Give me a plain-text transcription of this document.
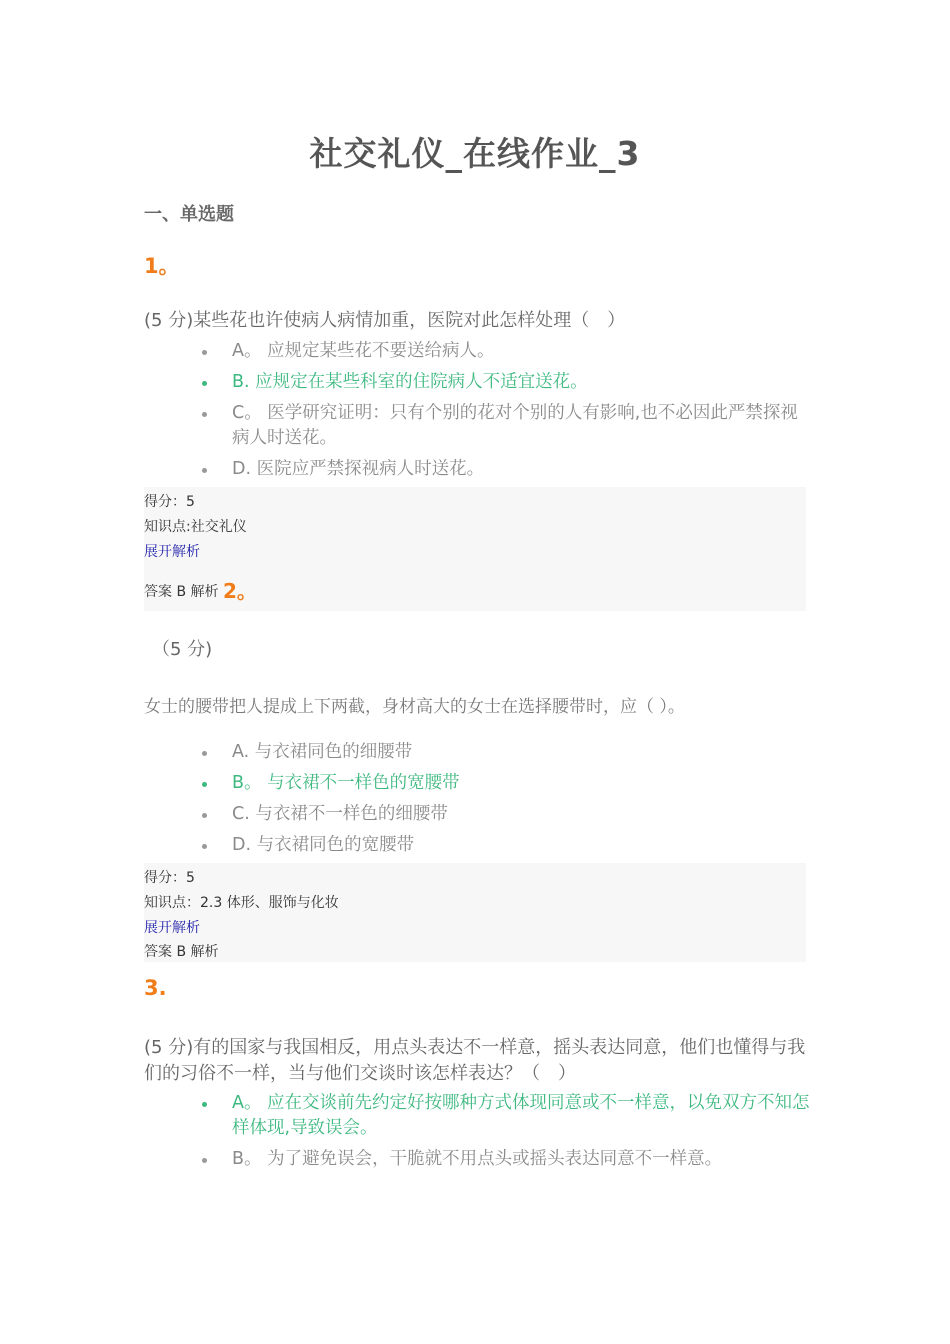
社交礼仪_在线作业_3
一、单选题
1。
(5 分)某些花也许使病人病情加重，医院对此怎样处理（　）
A。 应规定某些花不要送给病人。
B. 应规定在某些科室的住院病人不适宜送花。
C。 医学研究证明：只有个别的花对个别的人有影响,也不必因此严禁探视病人时送花。
D. 医院应严禁探视病人时送花。
得分：5
知识点:社交礼仪
展开解析
答案 B 解析 2。
（5 分)
女士的腰带把人提成上下两截，身材高大的女士在选择腰带时，应（ ）。
A. 与衣裙同色的细腰带
B。 与衣裙不一样色的宽腰带
C. 与衣裙不一样色的细腰带
D. 与衣裙同色的宽腰带
得分：5
知识点：2.3 体形、服饰与化妆
展开解析
答案 B 解析
3.
(5 分)有的国家与我国相反，用点头表达不一样意，摇头表达同意，他们也懂得与我们的习俗不一样，当与他们交谈时该怎样表达？（　）
A。 应在交谈前先约定好按哪种方式体现同意或不一样意，以免双方不知怎样体现,导致误会。
B。 为了避免误会，干脆就不用点头或摇头表达同意不一样意。
